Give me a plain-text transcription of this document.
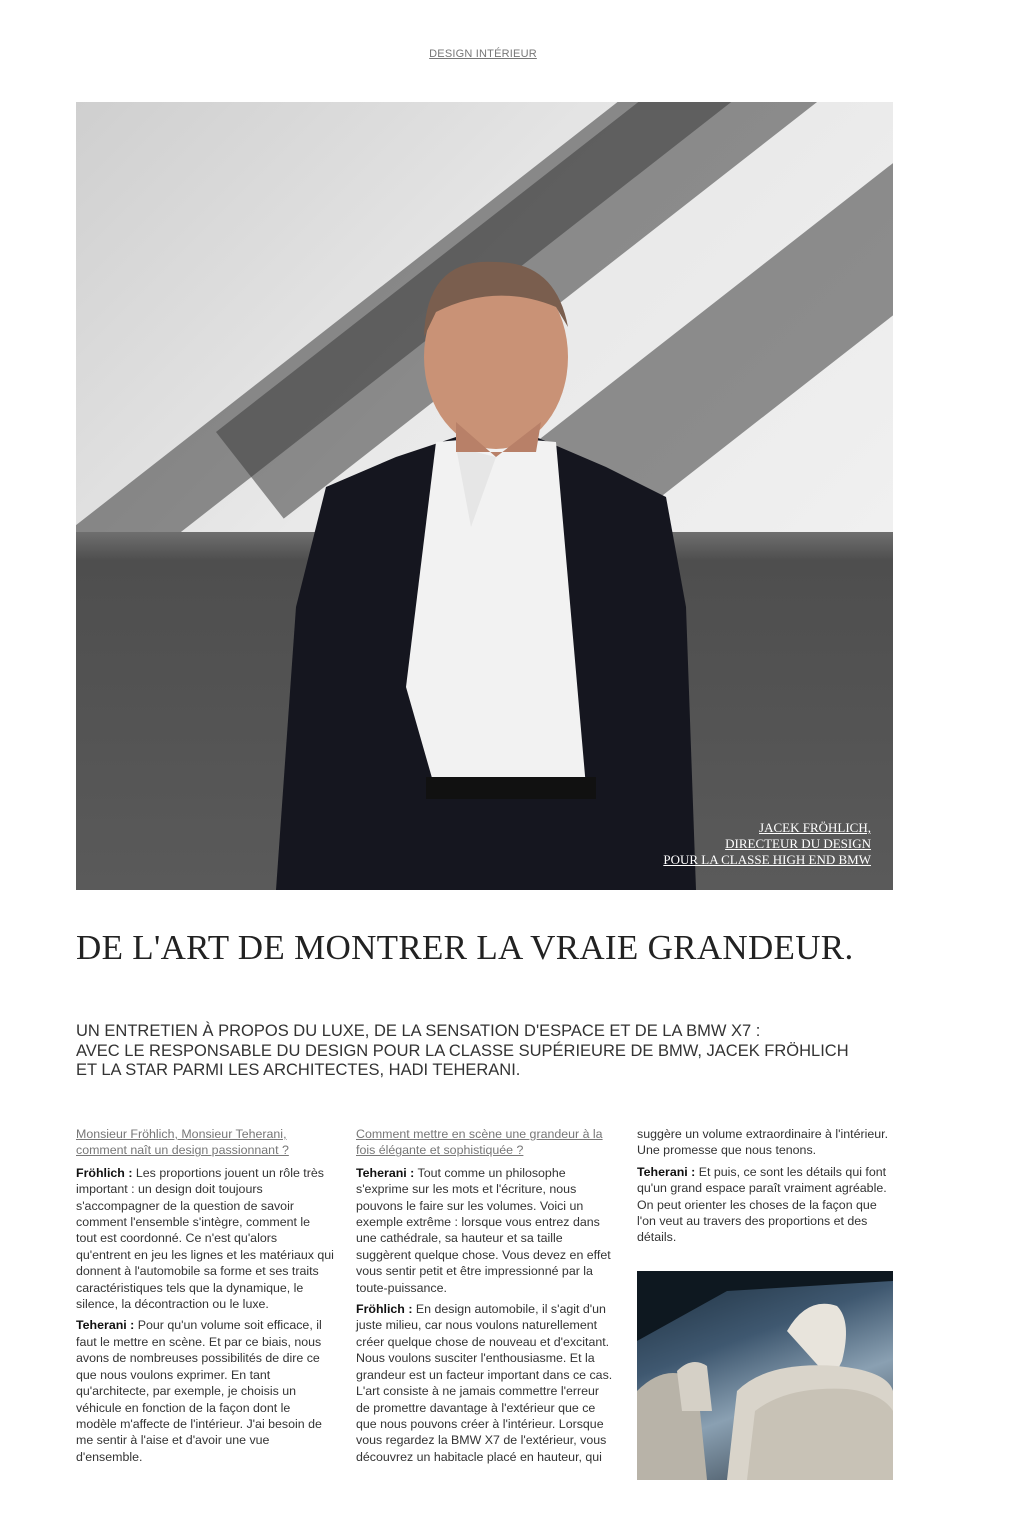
DESIGN INTÉRIEUR
JACEK FRÖHLICH,
DIRECTEUR DU DESIGN
POUR LA CLASSE HIGH END BMW
DE L'ART DE MONTRER LA VRAIE GRANDEUR.
UN ENTRETIEN À PROPOS DU LUXE, DE LA SENSATION D'ESPACE ET DE LA BMW X7 :
AVEC LE RESPONSABLE DU DESIGN POUR LA CLASSE SUPÉRIEURE DE BMW, JACEK FRÖHLICH
ET LA STAR PARMI LES ARCHITECTES, HADI TEHERANI.
Monsieur Fröhlich, Monsieur Teherani, comment naît un design passionnant ?

Fröhlich : Les proportions jouent un rôle très important : un design doit toujours s'accompagner de la question de savoir comment l'ensemble s'intègre, comment le tout est coordonné. Ce n'est qu'alors qu'entrent en jeu les lignes et les matériaux qui donnent à l'automobile sa forme et ses traits caractéristiques tels que la dynamique, le silence, la décontraction ou le luxe.

Teherani : Pour qu'un volume soit efficace, il faut le mettre en scène. Et par ce biais, nous avons de nombreuses possibilités de dire ce que nous voulons exprimer. En tant qu'architecte, par exemple, je choisis un véhicule en fonction de la façon dont le modèle m'affecte de l'intérieur. J'ai besoin de me sentir à l'aise et d'avoir une vue d'ensemble.

Comment mettre en scène une grandeur à la fois élégante et sophistiquée ?

Teherani : Tout comme un philosophe s'exprime sur les mots et l'écriture, nous pouvons le faire sur les volumes. Voici un exemple extrême : lorsque vous entrez dans une cathédrale, sa hauteur et sa taille suggèrent quelque chose. Vous devez en effet vous sentir petit et être impressionné par la toute-puissance.

Fröhlich : En design automobile, il s'agit d'un juste milieu, car nous voulons naturellement créer quelque chose de nouveau et d'excitant. Nous voulons susciter l'enthousiasme. Et la grandeur est un facteur important dans ce cas. L'art consiste à ne jamais commettre l'erreur de promettre davantage à l'extérieur que ce que nous pouvons créer à l'intérieur. Lorsque vous regardez la BMW X7 de l'extérieur, vous découvrez un habitacle placé en hauteur, qui

suggère un volume extraordinaire à l'intérieur. Une promesse que nous tenons.

Teherani : Et puis, ce sont les détails qui font qu'un grand espace paraît vraiment agréable. On peut orienter les choses de la façon que l'on veut au travers des proportions et des détails.
